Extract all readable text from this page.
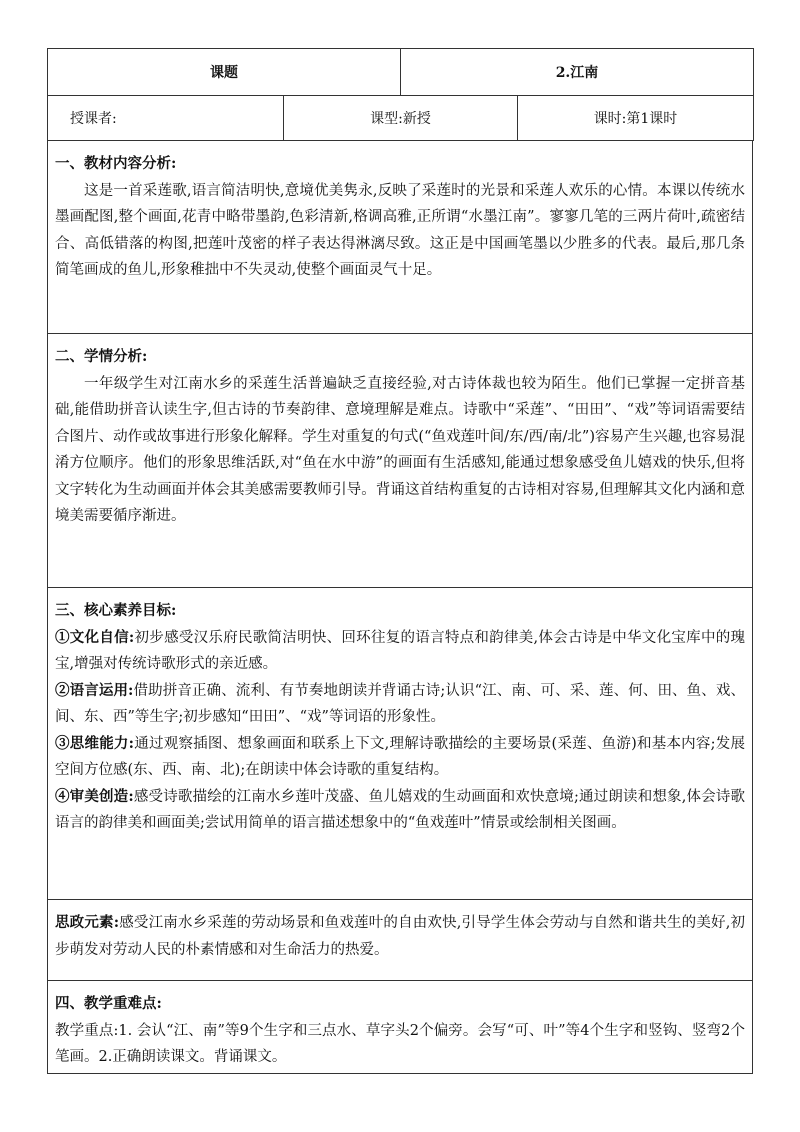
课题		2.江南	
授课者:	课型:新授		课时:第1课时

一、教材内容分析:

这是一首采莲歌,语言简洁明快,意境优美隽永,反映了采莲时的光景和采莲人欢乐的心情。本课以传统水墨画配图,整个画面,花青中略带墨韵,色彩清新,格调高雅,正所谓“水墨江南”。寥寥几笔的三两片荷叶,疏密结合、高低错落的构图,把莲叶茂密的样子表达得淋漓尽致。这正是中国画笔墨以少胜多的代表。最后,那几条简笔画成的鱼儿,形象稚拙中不失灵动,使整个画面灵气十足。

二、学情分析:

一年级学生对江南水乡的采莲生活普遍缺乏直接经验,对古诗体裁也较为陌生。他们已掌握一定拼音基础,能借助拼音认读生字,但古诗的节奏韵律、意境理解是难点。诗歌中“采莲”、“田田”、“戏”等词语需要结合图片、动作或故事进行形象化解释。学生对重复的句式(“鱼戏莲叶间/东/西/南/北”)容易产生兴趣,也容易混淆方位顺序。他们的形象思维活跃,对“鱼在水中游”的画面有生活感知,能通过想象感受鱼儿嬉戏的快乐,但将文字转化为生动画面并体会其美感需要教师引导。背诵这首结构重复的古诗相对容易,但理解其文化内涵和意境美需要循序渐进。

三、核心素养目标:

①文化自信:初步感受汉乐府民歌简洁明快、回环往复的语言特点和韵律美,体会古诗是中华文化宝库中的瑰宝,增强对传统诗歌形式的亲近感。

②语言运用:借助拼音正确、流利、有节奏地朗读并背诵古诗;认识“江、南、可、采、莲、何、田、鱼、戏、间、东、西”等生字;初步感知“田田”、“戏”等词语的形象性。

③思维能力:通过观察插图、想象画面和联系上下文,理解诗歌描绘的主要场景(采莲、鱼游)和基本内容;发展空间方位感(东、西、南、北);在朗读中体会诗歌的重复结构。

④审美创造:感受诗歌描绘的江南水乡莲叶茂盛、鱼儿嬉戏的生动画面和欢快意境;通过朗读和想象,体会诗歌语言的韵律美和画面美;尝试用简单的语言描述想象中的“鱼戏莲叶”情景或绘制相关图画。

思政元素:感受江南水乡采莲的劳动场景和鱼戏莲叶的自由欢快,引导学生体会劳动与自然和谐共生的美好,初步萌发对劳动人民的朴素情感和对生命活力的热爱。

四、教学重难点:

教学重点:1. 会认“江、南”等9个生字和三点水、草字头2个偏旁。会写“可、叶”等4个生字和竖钩、竖弯2个笔画。2.正确朗读课文。背诵课文。
